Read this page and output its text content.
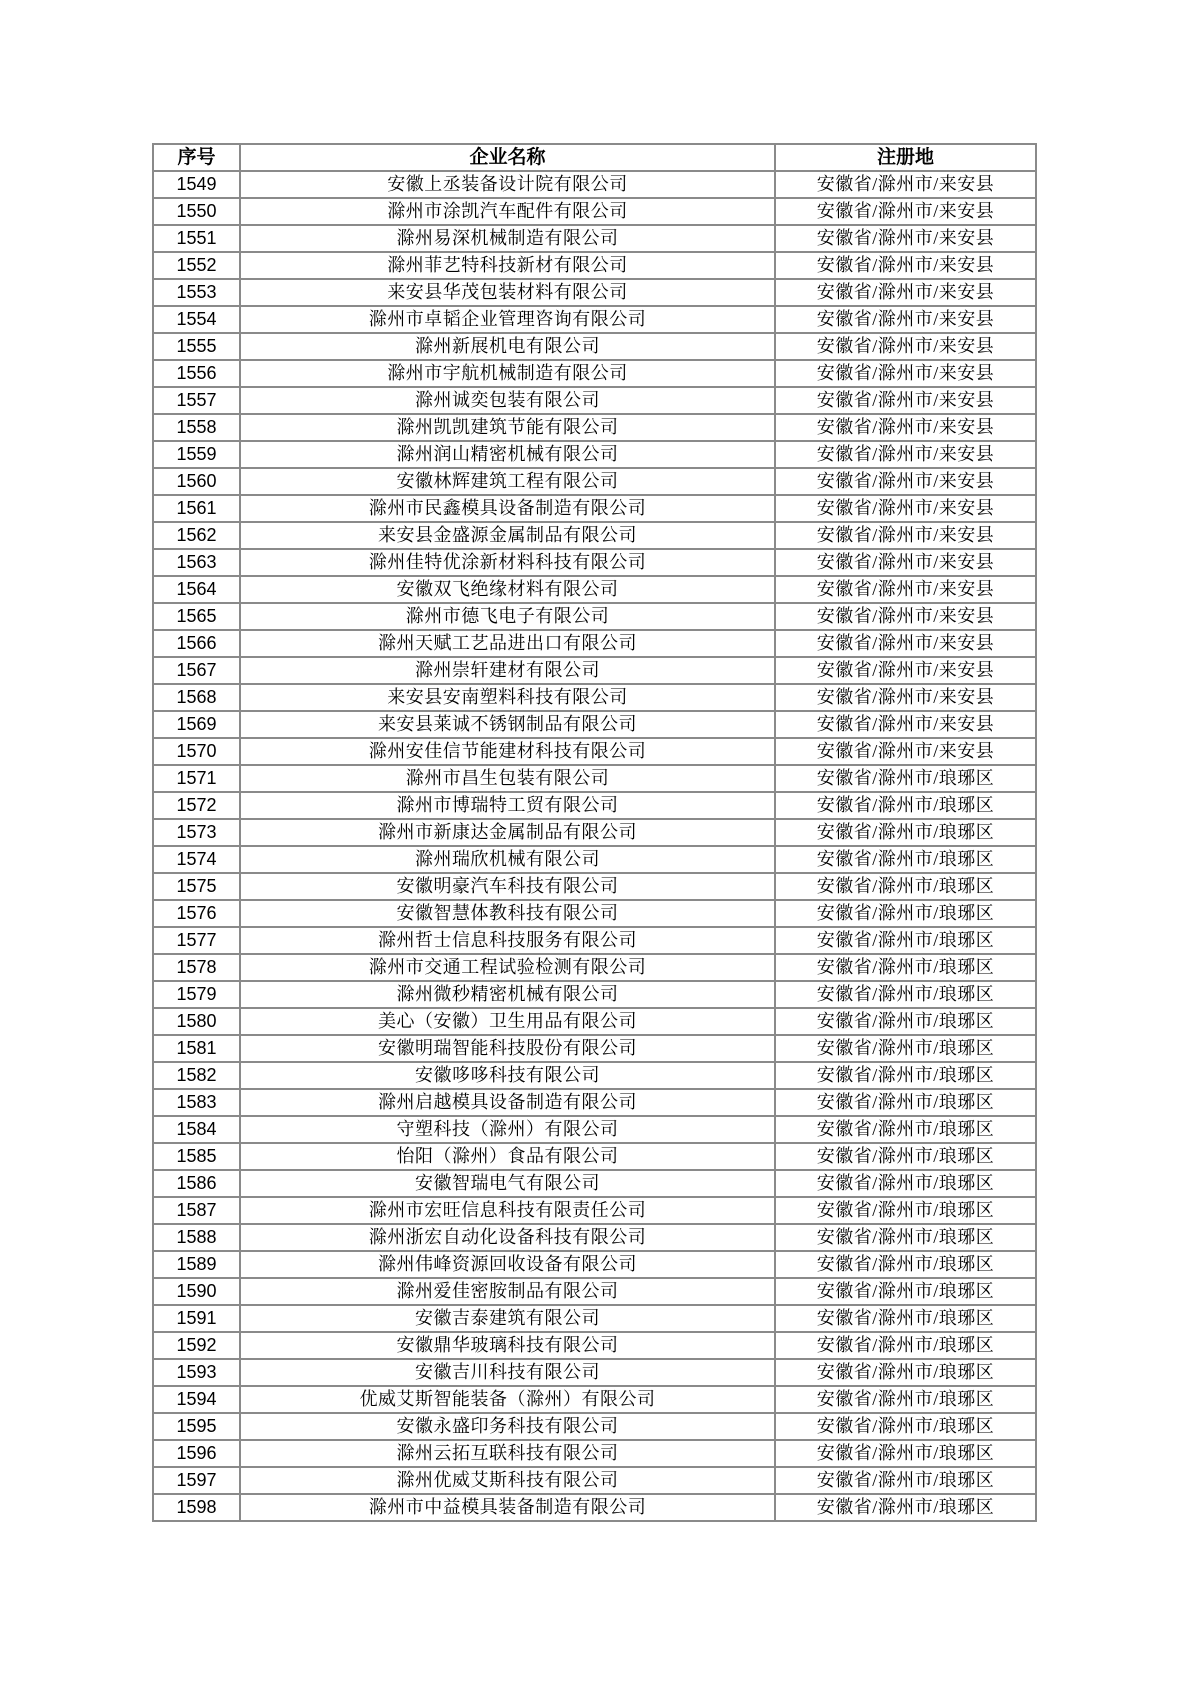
序号	企业名称	注册地
1549	安徽上丞装备设计院有限公司	安徽省/滁州市/来安县
1550	滁州市涂凯汽车配件有限公司	安徽省/滁州市/来安县
1551	滁州易深机械制造有限公司	安徽省/滁州市/来安县
1552	滁州菲艺特科技新材有限公司	安徽省/滁州市/来安县
1553	来安县华茂包装材料有限公司	安徽省/滁州市/来安县
1554	滁州市卓韬企业管理咨询有限公司	安徽省/滁州市/来安县
1555	滁州新展机电有限公司	安徽省/滁州市/来安县
1556	滁州市宇航机械制造有限公司	安徽省/滁州市/来安县
1557	滁州诚奕包装有限公司	安徽省/滁州市/来安县
1558	滁州凯凯建筑节能有限公司	安徽省/滁州市/来安县
1559	滁州润山精密机械有限公司	安徽省/滁州市/来安县
1560	安徽林辉建筑工程有限公司	安徽省/滁州市/来安县
1561	滁州市民鑫模具设备制造有限公司	安徽省/滁州市/来安县
1562	来安县金盛源金属制品有限公司	安徽省/滁州市/来安县
1563	滁州佳特优涂新材料科技有限公司	安徽省/滁州市/来安县
1564	安徽双飞绝缘材料有限公司	安徽省/滁州市/来安县
1565	滁州市德飞电子有限公司	安徽省/滁州市/来安县
1566	滁州天赋工艺品进出口有限公司	安徽省/滁州市/来安县
1567	滁州崇轩建材有限公司	安徽省/滁州市/来安县
1568	来安县安南塑料科技有限公司	安徽省/滁州市/来安县
1569	来安县莱诚不锈钢制品有限公司	安徽省/滁州市/来安县
1570	滁州安佳信节能建材科技有限公司	安徽省/滁州市/来安县
1571	滁州市昌生包装有限公司	安徽省/滁州市/琅琊区
1572	滁州市博瑞特工贸有限公司	安徽省/滁州市/琅琊区
1573	滁州市新康达金属制品有限公司	安徽省/滁州市/琅琊区
1574	滁州瑞欣机械有限公司	安徽省/滁州市/琅琊区
1575	安徽明豪汽车科技有限公司	安徽省/滁州市/琅琊区
1576	安徽智慧体教科技有限公司	安徽省/滁州市/琅琊区
1577	滁州哲士信息科技服务有限公司	安徽省/滁州市/琅琊区
1578	滁州市交通工程试验检测有限公司	安徽省/滁州市/琅琊区
1579	滁州微秒精密机械有限公司	安徽省/滁州市/琅琊区
1580	美心（安徽）卫生用品有限公司	安徽省/滁州市/琅琊区
1581	安徽明瑞智能科技股份有限公司	安徽省/滁州市/琅琊区
1582	安徽哆哆科技有限公司	安徽省/滁州市/琅琊区
1583	滁州启越模具设备制造有限公司	安徽省/滁州市/琅琊区
1584	守塑科技（滁州）有限公司	安徽省/滁州市/琅琊区
1585	怡阳（滁州）食品有限公司	安徽省/滁州市/琅琊区
1586	安徽智瑞电气有限公司	安徽省/滁州市/琅琊区
1587	滁州市宏旺信息科技有限责任公司	安徽省/滁州市/琅琊区
1588	滁州浙宏自动化设备科技有限公司	安徽省/滁州市/琅琊区
1589	滁州伟峰资源回收设备有限公司	安徽省/滁州市/琅琊区
1590	滁州爱佳密胺制品有限公司	安徽省/滁州市/琅琊区
1591	安徽吉泰建筑有限公司	安徽省/滁州市/琅琊区
1592	安徽鼎华玻璃科技有限公司	安徽省/滁州市/琅琊区
1593	安徽吉川科技有限公司	安徽省/滁州市/琅琊区
1594	优威艾斯智能装备（滁州）有限公司	安徽省/滁州市/琅琊区
1595	安徽永盛印务科技有限公司	安徽省/滁州市/琅琊区
1596	滁州云拓互联科技有限公司	安徽省/滁州市/琅琊区
1597	滁州优威艾斯科技有限公司	安徽省/滁州市/琅琊区
1598	滁州市中益模具装备制造有限公司	安徽省/滁州市/琅琊区
